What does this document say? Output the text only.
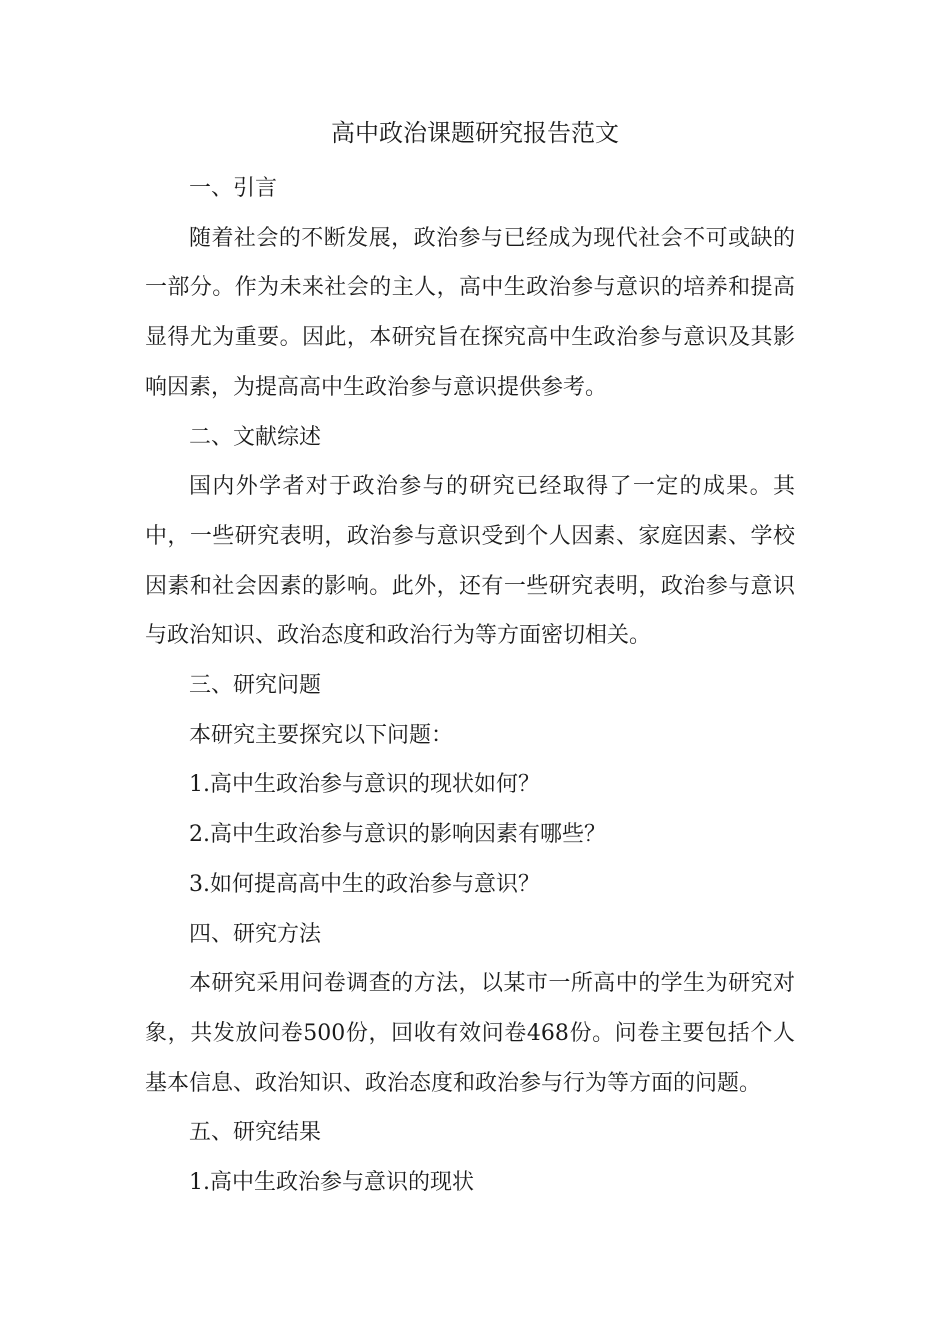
高中政治课题研究报告范文

一、引言

随着社会的不断发展，政治参与已经成为现代社会不可或缺的一部分。作为未来社会的主人，高中生政治参与意识的培养和提高显得尤为重要。因此，本研究旨在探究高中生政治参与意识及其影响因素，为提高高中生政治参与意识提供参考。

二、文献综述

国内外学者对于政治参与的研究已经取得了一定的成果。其中，一些研究表明，政治参与意识受到个人因素、家庭因素、学校因素和社会因素的影响。此外，还有一些研究表明，政治参与意识与政治知识、政治态度和政治行为等方面密切相关。

三、研究问题

本研究主要探究以下问题：

1.高中生政治参与意识的现状如何？

2.高中生政治参与意识的影响因素有哪些？

3.如何提高高中生的政治参与意识？

四、研究方法

本研究采用问卷调查的方法，以某市一所高中的学生为研究对象，共发放问卷500份，回收有效问卷468份。问卷主要包括个人基本信息、政治知识、政治态度和政治参与行为等方面的问题。

五、研究结果

1.高中生政治参与意识的现状
